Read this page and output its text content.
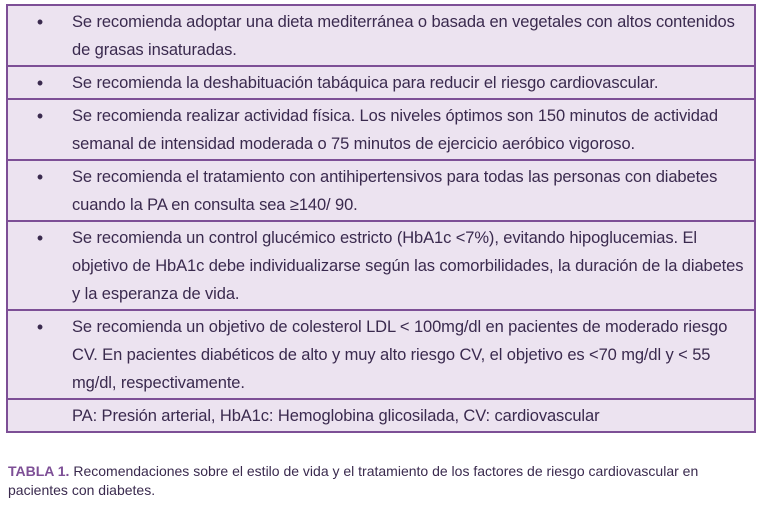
•	Se recomienda adoptar una dieta mediterránea o basada en vegetales con altos contenidos de grasas insaturadas.
•	Se recomienda la deshabituación tabáquica para reducir el riesgo cardiovascular.
•	Se recomienda realizar actividad física. Los niveles óptimos son 150 minutos de actividad semanal de intensidad moderada o 75 minutos de ejercicio aeróbico vigoroso.
•	Se recomienda el tratamiento con antihipertensivos para todas las personas con diabetes cuando la PA en consulta sea ≥140/ 90.
•	Se recomienda un control glucémico estricto (HbA1c <7%), evitando hipoglucemias. El objetivo de HbA1c debe individualizarse según las comorbilidades, la duración de la diabetes y la esperanza de vida.
•	Se recomienda un objetivo de colesterol LDL < 100mg/dl en pacientes de moderado riesgo CV. En pacientes diabéticos de alto y muy alto riesgo CV, el objetivo es <70 mg/dl y < 55 mg/dl, respectivamente.
PA: Presión arterial, HbA1c: Hemoglobina glicosilada, CV: cardiovascular
TABLA 1. Recomendaciones sobre el estilo de vida y el tratamiento de los factores de riesgo cardiovascular en pacientes con diabetes.
